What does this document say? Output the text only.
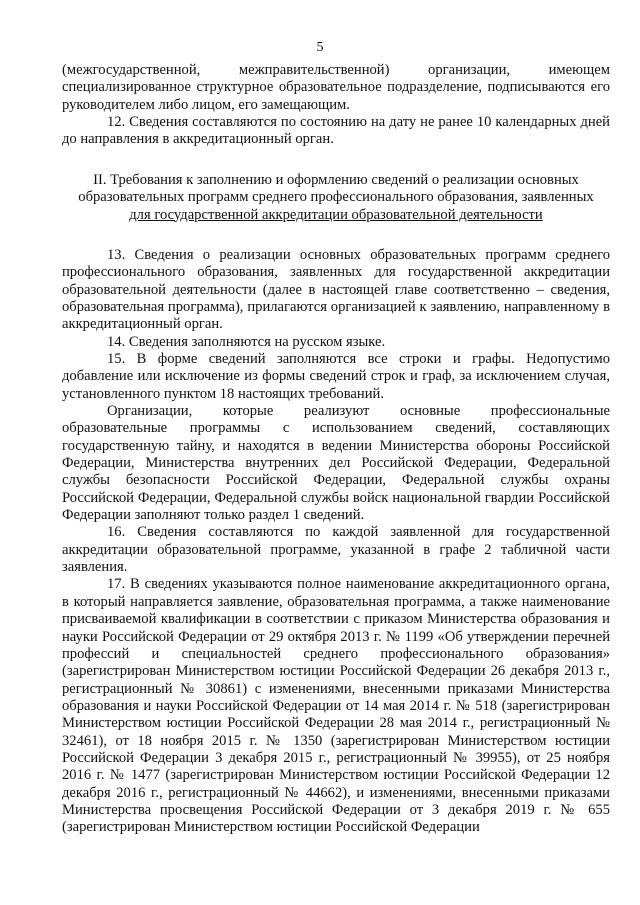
5

(межгосударственной, межправительственной) организации, имеющем специализированное структурное образовательное подразделение, подписываются его руководителем либо лицом, его замещающим.

12. Сведения составляются по состоянию на дату не ранее 10 календарных дней до направления в аккредитационный орган.

II. Требования к заполнению и оформлению сведений о реализации основных

образовательных программ среднего профессионального образования, заявленных

для государственной аккредитации образовательной деятельности

13. Сведения о реализации основных образовательных программ среднего профессионального образования, заявленных для государственной аккредитации образовательной деятельности (далее в настоящей главе соответственно – сведения, образовательная программа), прилагаются организацией к заявлению, направленному в аккредитационный орган.

14. Сведения заполняются на русском языке.

15. В форме сведений заполняются все строки и графы. Недопустимо добавление или исключение из формы сведений строк и граф, за исключением случая, установленного пунктом 18 настоящих требований.

Организации, которые реализуют основные профессиональные образовательные программы с использованием сведений, составляющих государственную тайну, и находятся в ведении Министерства обороны Российской Федерации, Министерства внутренних дел Российской Федерации, Федеральной службы безопасности Российской Федерации, Федеральной службы охраны Российской Федерации, Федеральной службы войск национальной гвардии Российской Федерации заполняют только раздел 1 сведений.

16. Сведения составляются по каждой заявленной для государственной аккредитации образовательной программе, указанной в графе 2 табличной части заявления.

17. В сведениях указываются полное наименование аккредитационного органа, в который направляется заявление, образовательная программа, а также наименование присваиваемой квалификации в соответствии с приказом Министерства образования и науки Российской Федерации от 29 октября 2013 г. № 1199 «Об утверждении перечней профессий и специальностей среднего профессионального образования» (зарегистрирован Министерством юстиции Российской Федерации 26 декабря 2013 г., регистрационный № 30861) с изменениями, внесенными приказами Министерства образования и науки Российской Федерации от 14 мая 2014 г. № 518 (зарегистрирован Министерством юстиции Российской Федерации 28 мая 2014 г., регистрационный № 32461), от 18 ноября 2015 г. № 1350 (зарегистрирован Министерством юстиции Российской Федерации 3 декабря 2015 г., регистрационный № 39955), от 25 ноября 2016 г. № 1477 (зарегистрирован Министерством юстиции Российской Федерации 12 декабря 2016 г., регистрационный № 44662), и изменениями, внесенными приказами Министерства просвещения Российской Федерации от 3 декабря 2019 г. № 655 (зарегистрирован Министерством юстиции Российской Федерации
